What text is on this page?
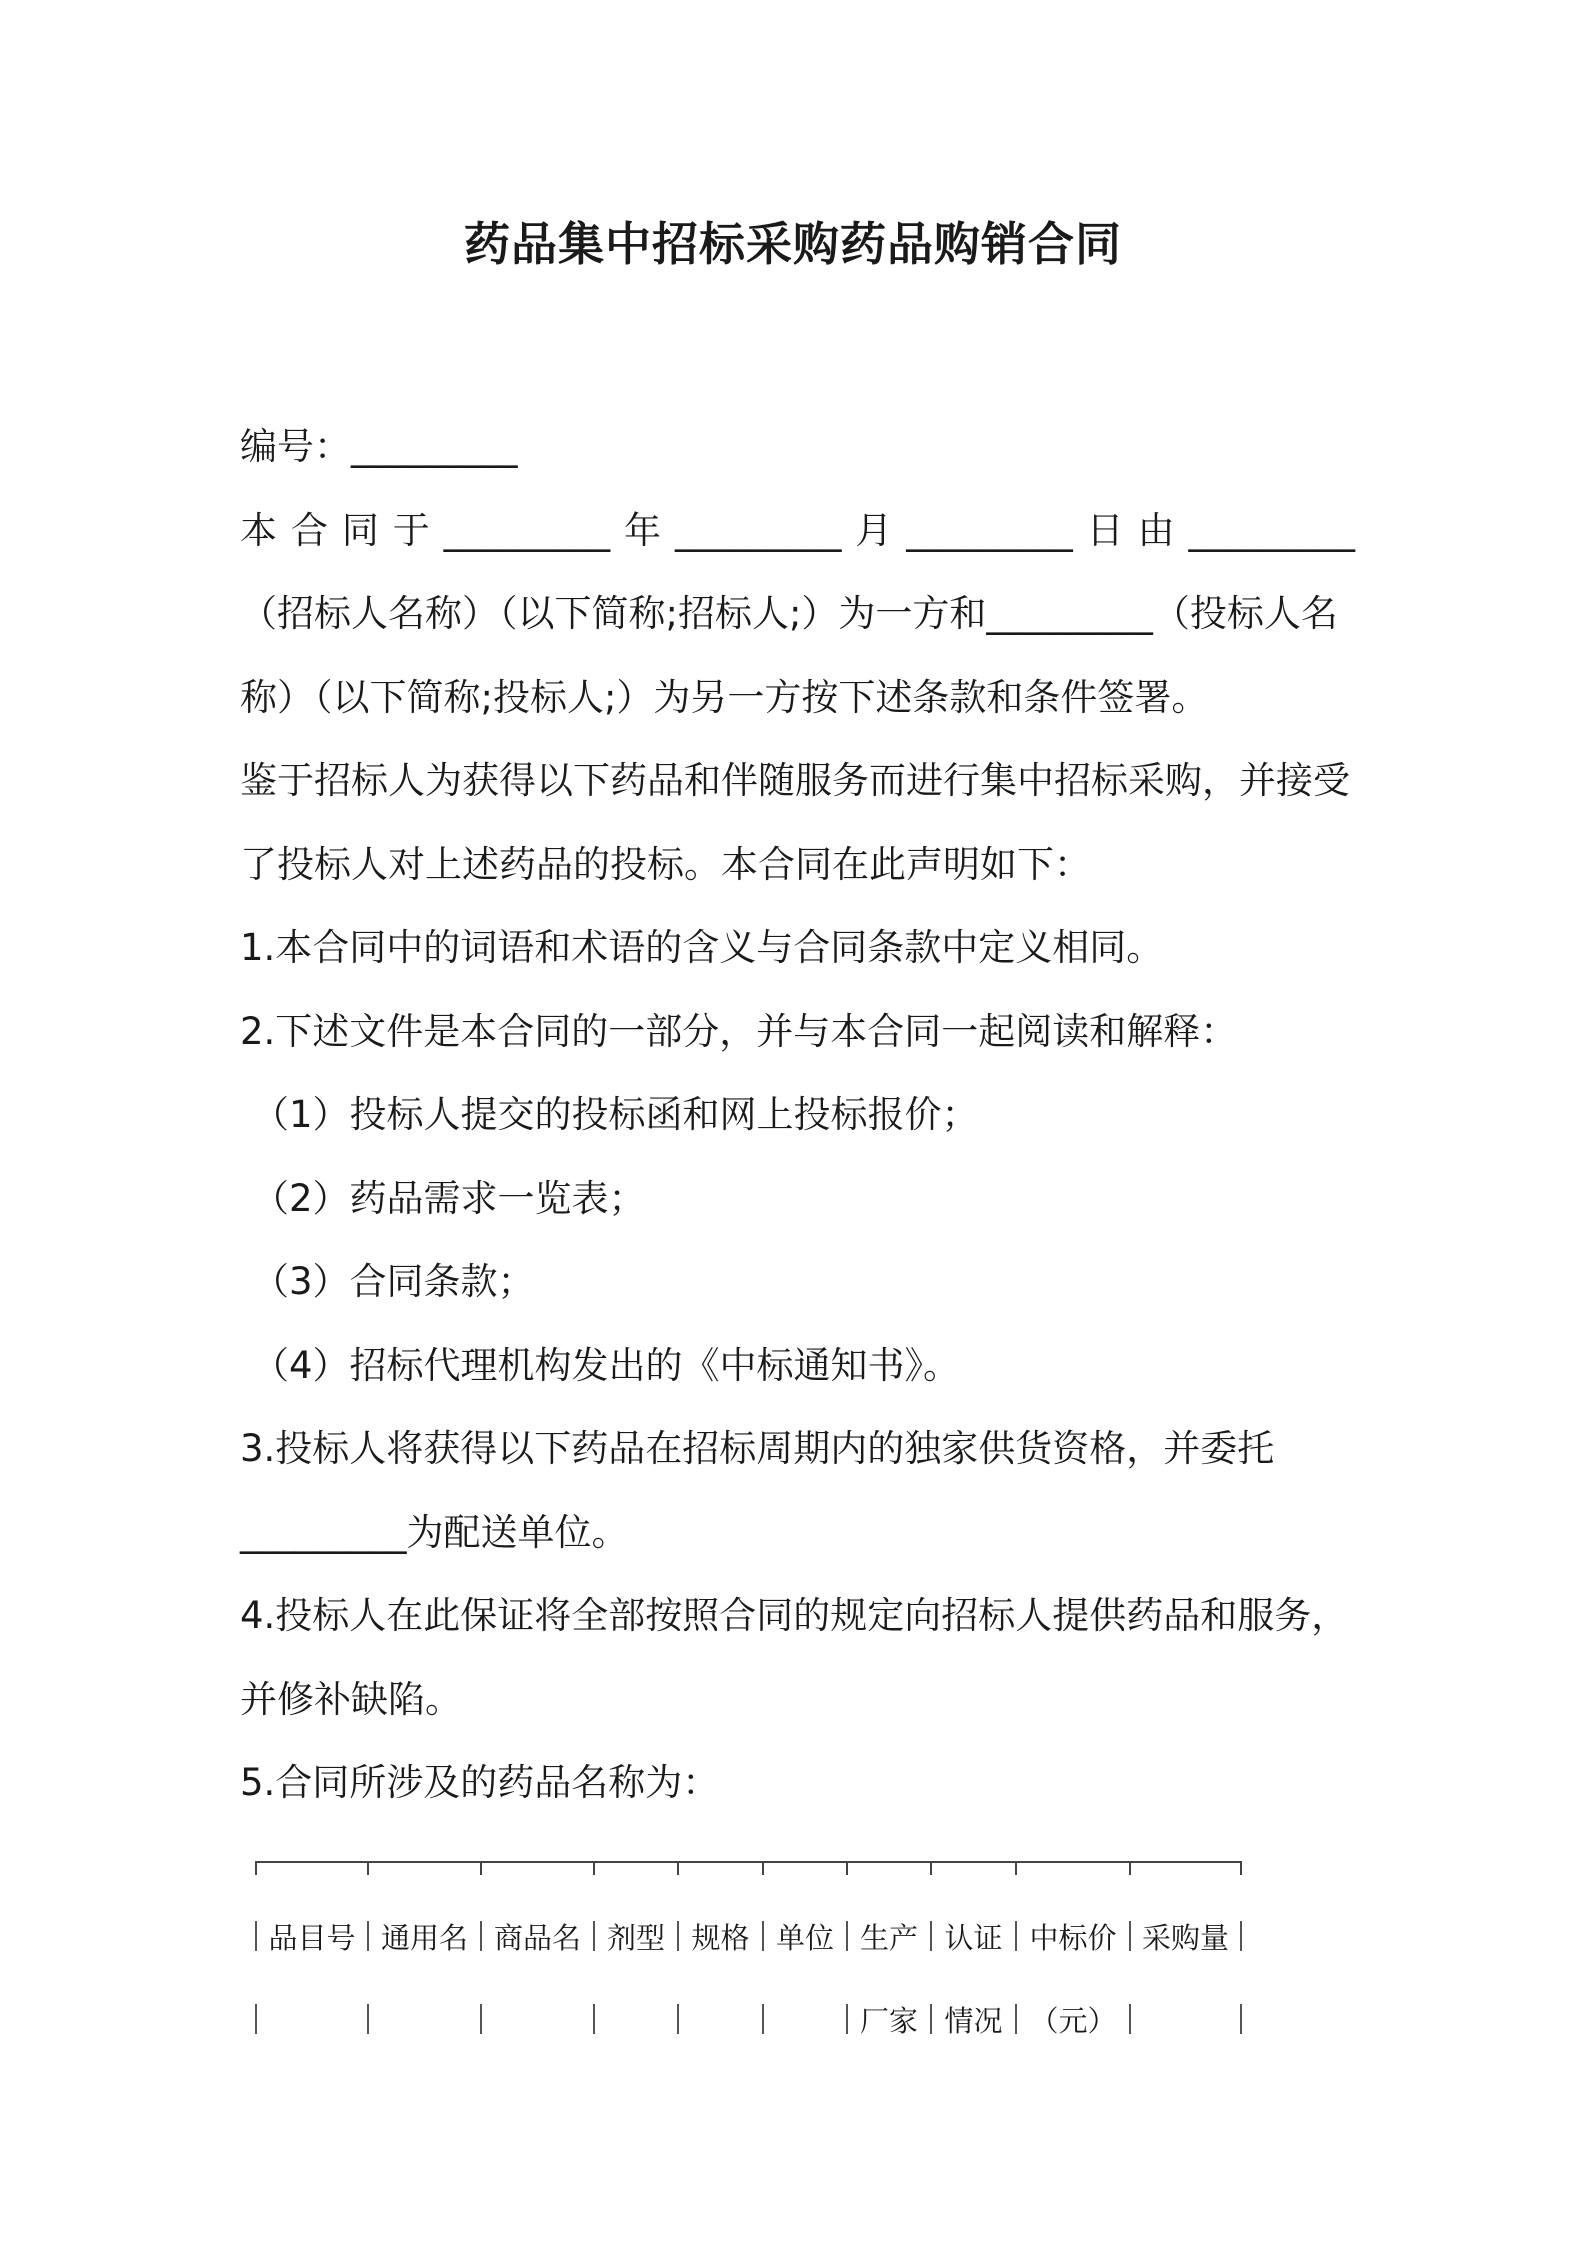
药品集中招标采购药品购销合同

编号：_________

本 合 同 于 _________ 年 _________ 月 _________ 日 由 _________

（招标人名称）（以下简称;招标人;）为一方和_________（投标人名

称）（以下简称;投标人;）为另一方按下述条款和条件签署。

鉴于招标人为获得以下药品和伴随服务而进行集中招标采购，并接受

了投标人对上述药品的投标。本合同在此声明如下：

1.本合同中的词语和术语的含义与合同条款中定义相同。

2.下述文件是本合同的一部分，并与本合同一起阅读和解释：

（1）投标人提交的投标函和网上投标报价；

（2）药品需求一览表；

（3）合同条款；

（4）招标代理机构发出的《中标通知书》。

3.投标人将获得以下药品在招标周期内的独家供货资格，并委托

_________为配送单位。

4.投标人在此保证将全部按照合同的规定向招标人提供药品和服务，

并修补缺陷。

5.合同所涉及的药品名称为：

品目号 通用名 商品名 剂型 规格 单位 生产 认证 中标价 采购量
厂家 情况 （元）
